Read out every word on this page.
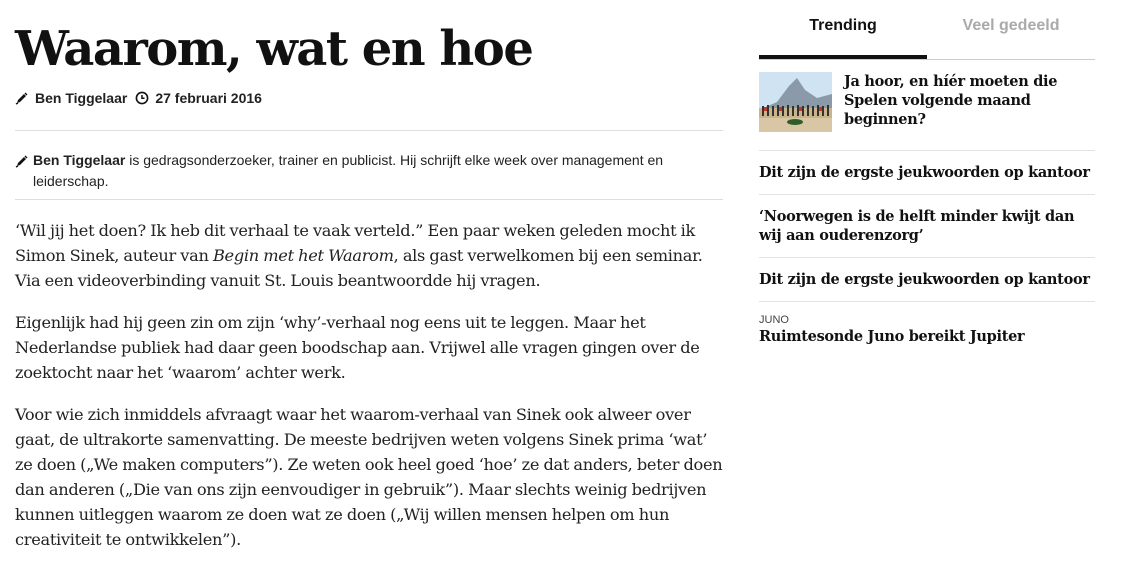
Waarom, wat en hoe
Ben Tiggelaar 27 februari 2016
Ben Tiggelaar is gedragsonderzoeker, trainer en publicist. Hij schrijft elke week over management en leiderschap.

‘Wil jij het doen? Ik heb dit verhaal te vaak verteld.” Een paar weken geleden mocht ik Simon Sinek, auteur van Begin met het Waarom, als gast verwelkomen bij een seminar. Via een videoverbinding vanuit St. Louis beantwoordde hij vragen.

Eigenlijk had hij geen zin om zijn ‘why’-verhaal nog eens uit te leggen. Maar het Nederlandse publiek had daar geen boodschap aan. Vrijwel alle vragen gingen over de zoektocht naar het ‘waarom’ achter werk.

Voor wie zich inmiddels afvraagt waar het waarom-verhaal van Sinek ook alweer over gaat, de ultrakorte samenvatting. De meeste bedrijven weten volgens Sinek prima ‘wat’ ze doen („We maken computers”). Ze weten ook heel goed ‘hoe’ ze dat anders, beter doen dan anderen („Die van ons zijn eenvoudiger in gebruik”). Maar slechts weinig bedrijven kunnen uitleggen waarom ze doen wat ze doen („Wij willen mensen helpen om hun creativiteit te ontwikkelen”).

Trending	Veel gedeeld
Ja hoor, en híér moeten die Spelen volgende maand beginnen?
Dit zijn de ergste jeukwoorden op kantoor
‘Noorwegen is de helft minder kwijt dan wij aan ouderenzorg’
Dit zijn de ergste jeukwoorden op kantoor
JUNO
Ruimtesonde Juno bereikt Jupiter
